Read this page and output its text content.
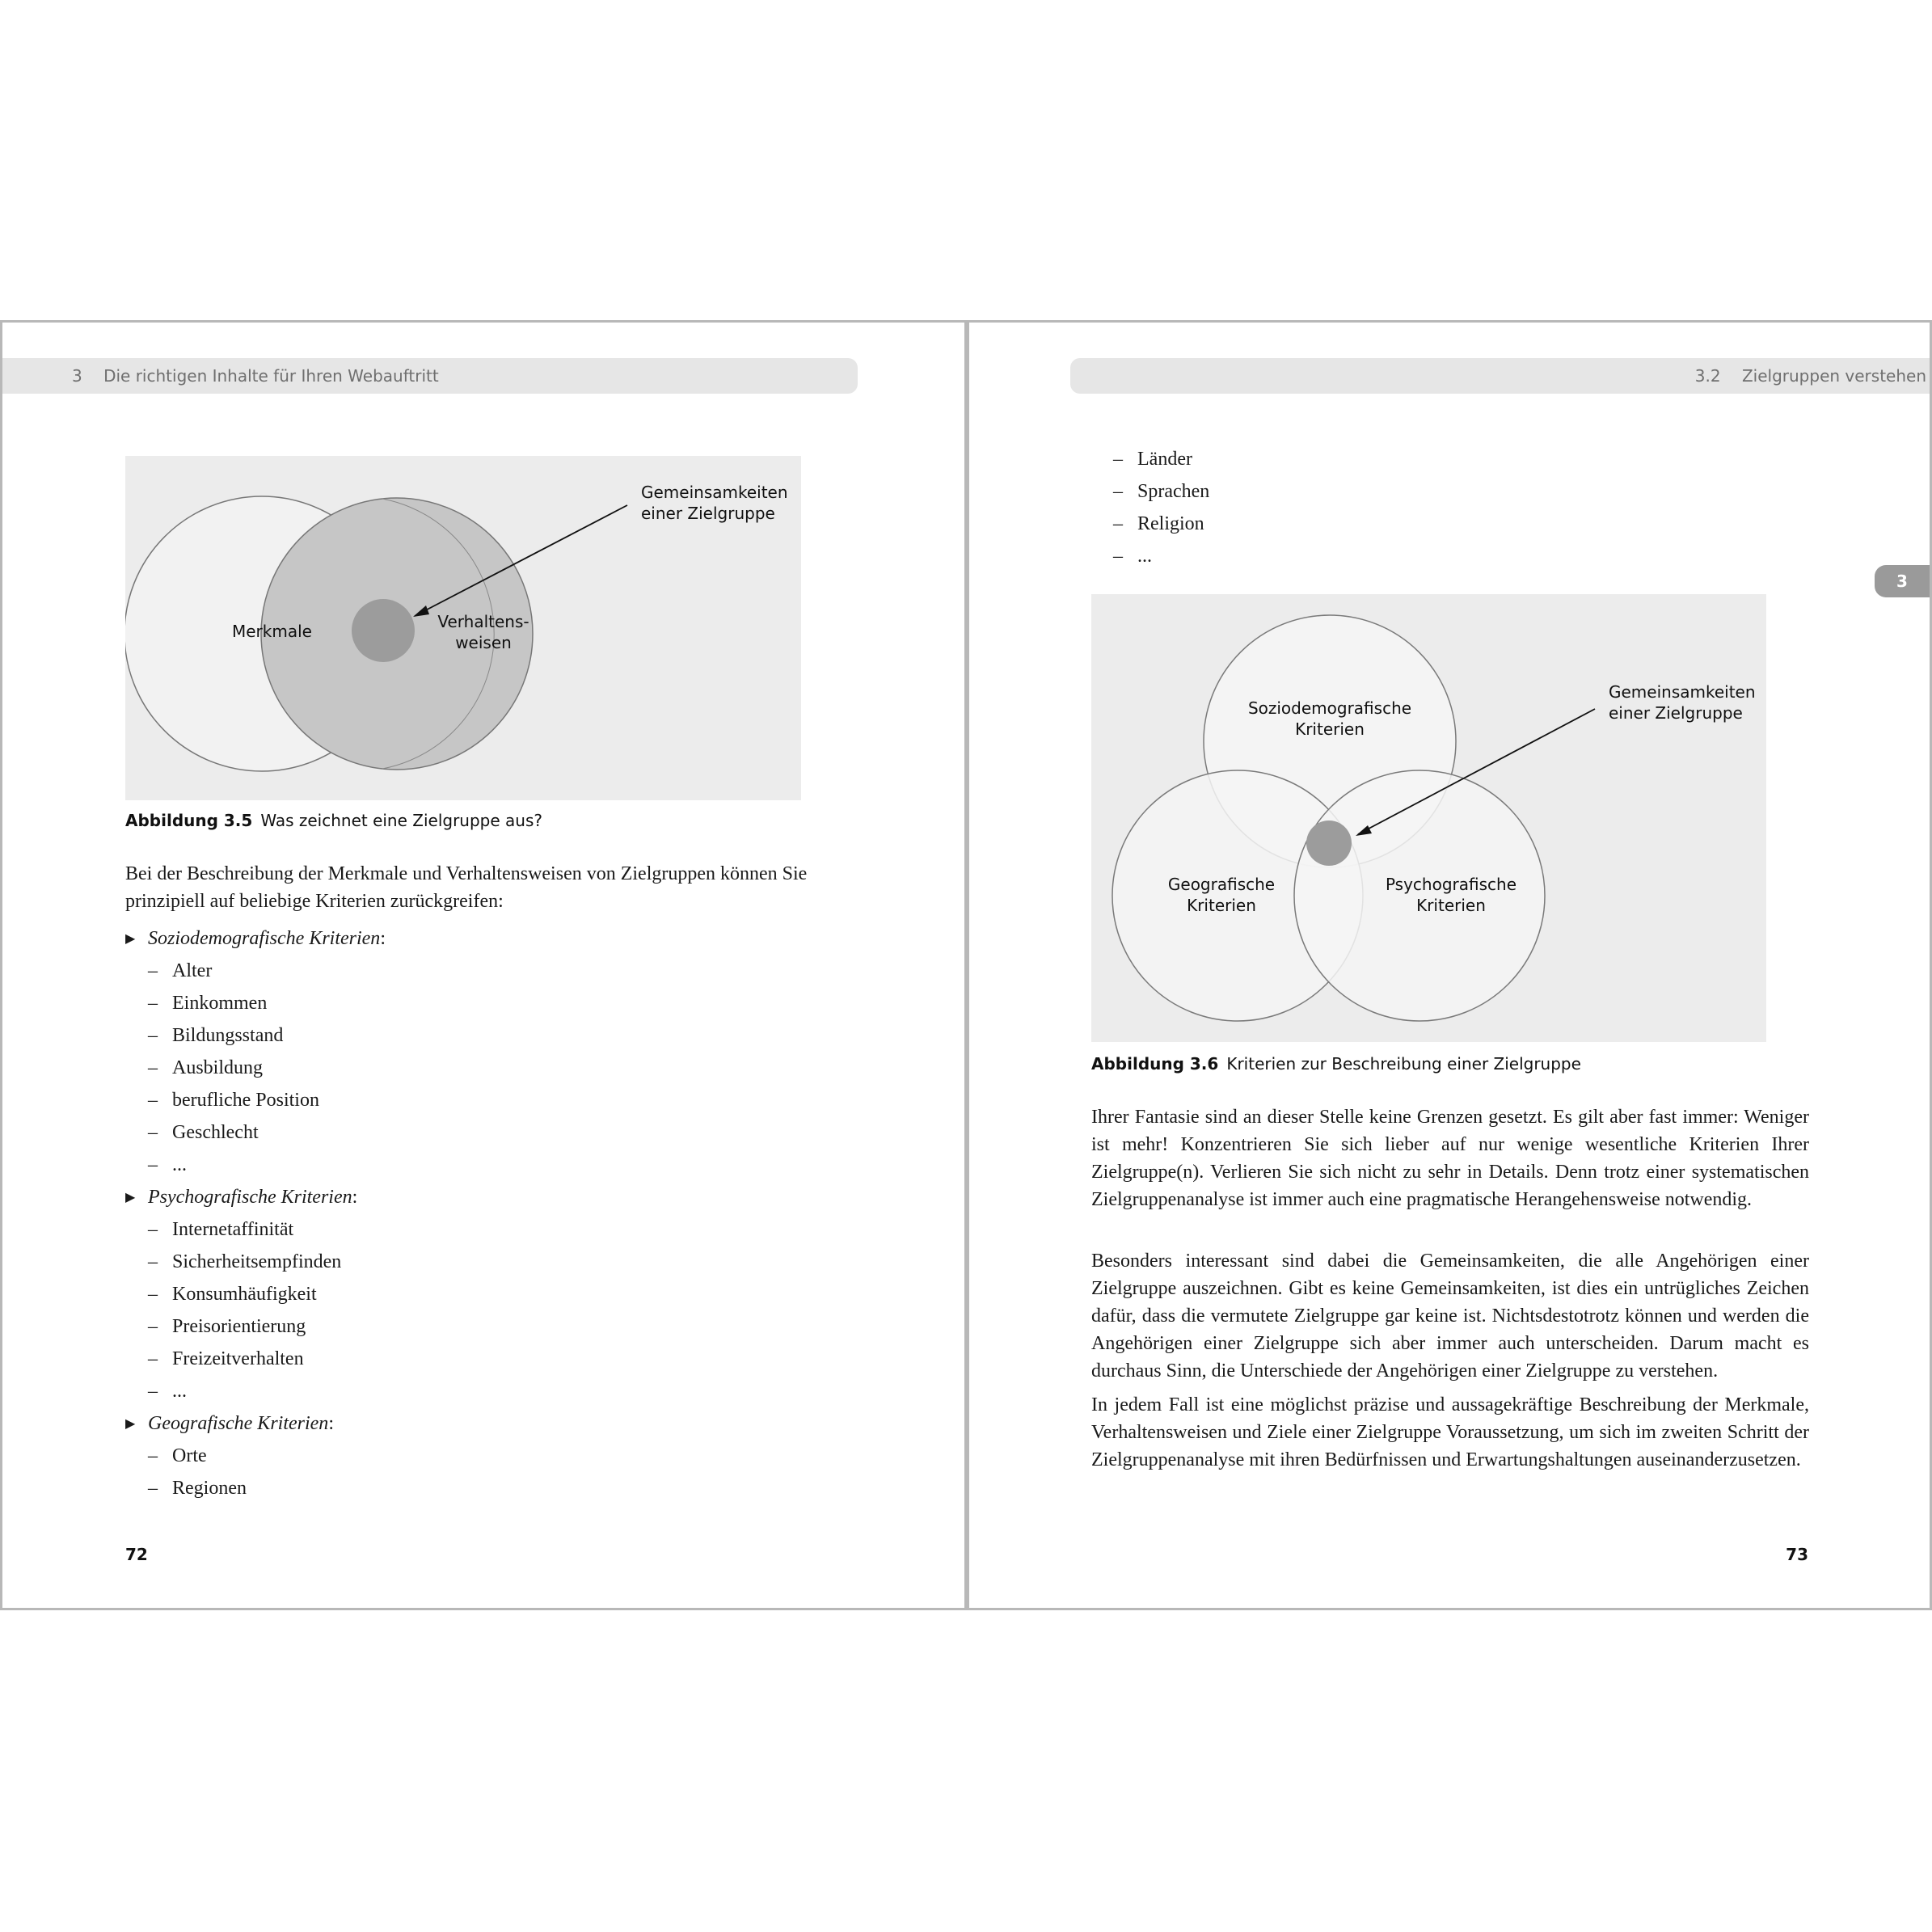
3 Die richtigen Inhalte für Ihren Webauftritt
Merkmale	Verhaltens-
weisen
Gemeinsamkeiten
einer Zielgruppe
Abbildung 3.5 Was zeichnet eine Zielgruppe aus?
Bei der Beschreibung der Merkmale und Verhaltensweisen von Zielgruppen können Sie
prinzipiell auf beliebige Kriterien zurückgreifen:
▶ Soziodemografische Kriterien:
– Alter
– Einkommen
– Bildungsstand
– Ausbildung
– berufliche Position
– Geschlecht
– ...
▶ Psychografische Kriterien:
– Internetaffinität
– Sicherheitsempfinden
– Konsumhäufigkeit
– Preisorientierung
– Freizeitverhalten
– ...
▶ Geografische Kriterien:
– Orte
– Regionen
72
3.2 Zielgruppen verstehen
3
– Länder
– Sprachen
– Religion
– ...
Soziodemografische
Kriterien
Geografische
Kriterien
Psychografische
Kriterien
Gemeinsamkeiten
einer Zielgruppe
Abbildung 3.6 Kriterien zur Beschreibung einer Zielgruppe
Ihrer Fantasie sind an dieser Stelle keine Grenzen gesetzt. Es gilt aber fast immer: Weniger ist mehr! Konzentrieren Sie sich lieber auf nur wenige wesentliche Kriterien Ihrer Zielgruppe(n). Verlieren Sie sich nicht zu sehr in Details. Denn trotz einer systematischen Zielgruppenanalyse ist immer auch eine pragmatische Herangehensweise notwendig.
Besonders interessant sind dabei die Gemeinsamkeiten, die alle Angehörigen einer Zielgruppe auszeichnen. Gibt es keine Gemeinsamkeiten, ist dies ein untrügliches Zeichen dafür, dass die vermutete Zielgruppe gar keine ist. Nichtsdestotrotz können und werden die Angehörigen einer Zielgruppe sich aber immer auch unterscheiden. Darum macht es durchaus Sinn, die Unterschiede der Angehörigen einer Zielgruppe zu verstehen.
In jedem Fall ist eine möglichst präzise und aussagekräftige Beschreibung der Merkmale, Verhaltensweisen und Ziele einer Zielgruppe Voraussetzung, um sich im zweiten Schritt der Zielgruppenanalyse mit ihren Bedürfnissen und Erwartungshaltungen auseinanderzusetzen.
73
